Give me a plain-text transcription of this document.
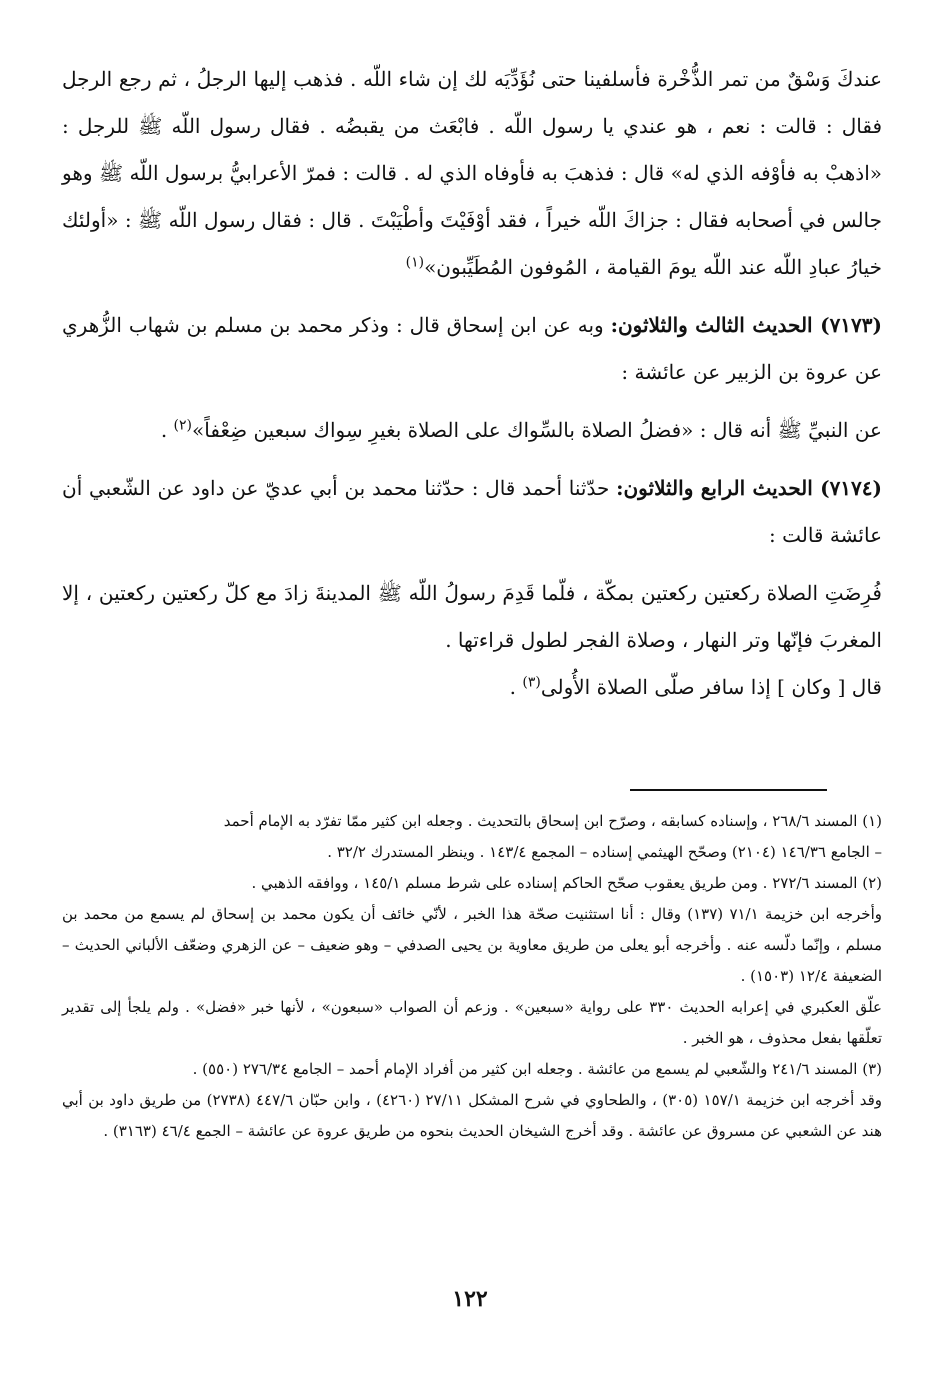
عندكَ وَسْقٌ من تمر الذُّخْرة فأسلفينا حتى نُؤَدِّيَه لك إن شاء اللّه . فذهب إليها الرجلُ ، ثم رجع الرجل فقال : قالت : نعم ، هو عندي يا رسول اللّه . فابْعَث من يقبضُه . فقال رسول اللّه ﷺ للرجل : «اذهبْ به فأوْفه الذي له» قال : فذهبَ به فأوفاه الذي له . قالت : فمرّ الأعرابيُّ برسول اللّه ﷺ وهو جالس في أصحابه فقال : جزاكَ اللّه خيراً ، فقد أوْفَيْتَ وأطْيَبْتَ . قال : فقال رسول اللّه ﷺ : «أولئك خيارُ عبادِ اللّه عند اللّه يومَ القيامة ، المُوفون المُطَيِّبون»$^{(١)}$

(٧١٧٣) الحديث الثالث والثلاثون: وبه عن ابن إسحاق قال : وذكر محمد بن مسلم بن شهاب الزُّهري عن عروة بن الزبير عن عائشة :

عن النبيِّ ﷺ أنه قال : «فضلُ الصلاة بالسِّواك على الصلاة بغيرِ سِواك سبعين ضِعْفاً»$^{(٢)}$ .

(٧١٧٤) الحديث الرابع والثلاثون: حدّثنا أحمد قال : حدّثنا محمد بن أبي عديّ عن داود عن الشّعبي أن عائشة قالت :

فُرِضَتِ الصلاة ركعتين ركعتين بمكّة ، فلّما قَدِمَ رسولُ اللّه ﷺ المدينةَ زادَ مع كلّ ركعتين ركعتين ، إلا المغربَ فإنّها وتر النهار ، وصلاة الفجر لطول قراءتها .

قال [ وكان ] إذا سافر صلّى الصلاة الأُولى$^{(٣)}$ .

(١) المسند ٢٦٨/٦ ، وإسناده كسابقه ، وصرّح ابن إسحاق بالتحديث . وجعله ابن كثير ممّا تفرّد به الإمام أحمد

– الجامع ١٤٦/٣٦ (٢١٠٤) وصحّح الهيثمي إسناده – المجمع ١٤٣/٤ . وينظر المستدرك ٣٢/٢ .

(٢) المسند ٢٧٢/٦ . ومن طريق يعقوب صحّح الحاكم إسناده على شرط مسلم ١٤٥/١ ، ووافقه الذهبي .

وأخرجه ابن خزيمة ٧١/١ (١٣٧) وقال : أنا استثنيت صحّة هذا الخبر ، لأنّي خائف أن يكون محمد بن إسحاق لم يسمع من محمد بن مسلم ، وإنّما دلّسه عنه . وأخرجه أبو يعلى من طريق معاوية بن يحيى الصدفي – وهو ضعيف – عن الزهري وضعّف الألباني الحديث – الضعيفة ١٢/٤ (١٥٠٣) .

علّق العكبري في إعرابه الحديث ٣٣٠ على رواية «سبعين» . وزعم أن الصواب «سبعون» ، لأنها خبر «فضل» . ولم يلجأ إلى تقدير تعلّقها بفعل محذوف ، هو الخبر .

(٣) المسند ٢٤١/٦ والشّعبي لم يسمع من عائشة . وجعله ابن كثير من أفراد الإمام أحمد – الجامع ٢٧٦/٣٤ (٥٥٠) .

وقد أخرجه ابن خزيمة ١٥٧/١ (٣٠٥) ، والطحاوي في شرح المشكل ٢٧/١١ (٤٢٦٠) ، وابن حبّان ٤٤٧/٦ (٢٧٣٨) من طريق داود بن أبي هند عن الشعبي عن مسروق عن عائشة . وقد أخرج الشيخان الحديث بنحوه من طريق عروة عن عائشة – الجمع ٤٦/٤ (٣١٦٣) .

١٢٢
